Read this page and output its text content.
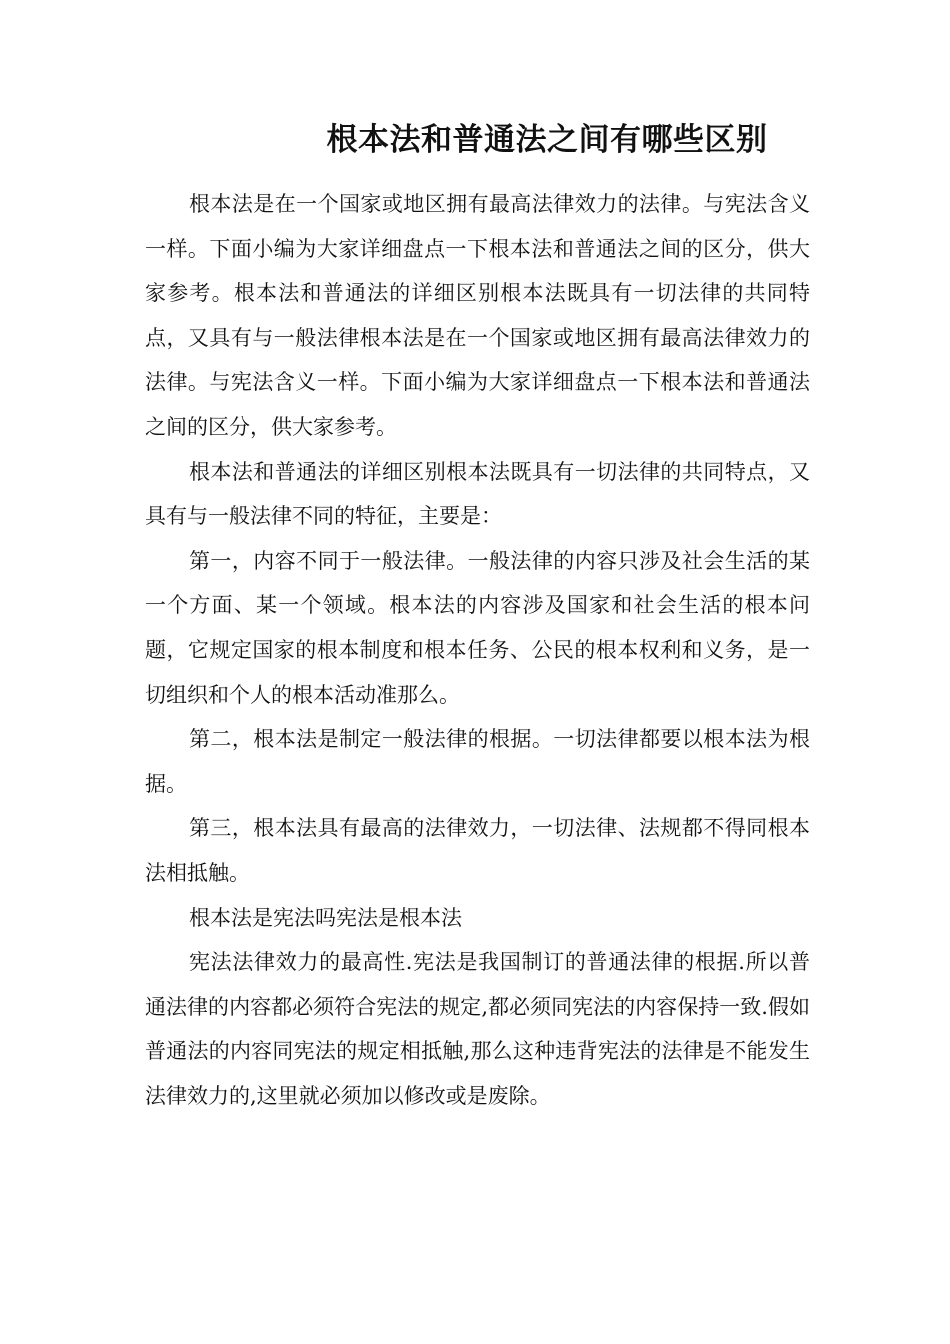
根本法和普通法之间有哪些区别

根本法是在一个国家或地区拥有最高法律效力的法律。与宪法含义一样。下面小编为大家详细盘点一下根本法和普通法之间的区分，供大家参考。根本法和普通法的详细区别根本法既具有一切法律的共同特点，又具有与一般法律根本法是在一个国家或地区拥有最高法律效力的法律。与宪法含义一样。下面小编为大家详细盘点一下根本法和普通法之间的区分，供大家参考。

根本法和普通法的详细区别根本法既具有一切法律的共同特点，又具有与一般法律不同的特征，主要是：

第一，内容不同于一般法律。一般法律的内容只涉及社会生活的某一个方面、某一个领域。根本法的内容涉及国家和社会生活的根本问题，它规定国家的根本制度和根本任务、公民的根本权利和义务，是一切组织和个人的根本活动准那么。

第二，根本法是制定一般法律的根据。一切法律都要以根本法为根据。

第三，根本法具有最高的法律效力，一切法律、法规都不得同根本法相抵触。

根本法是宪法吗宪法是根本法

宪法法律效力的最高性.宪法是我国制订的普通法律的根据.所以普通法律的内容都必须符合宪法的规定,都必须同宪法的内容保持一致.假如普通法的内容同宪法的规定相抵触,那么这种违背宪法的法律是不能发生法律效力的,这里就必须加以修改或是废除。
